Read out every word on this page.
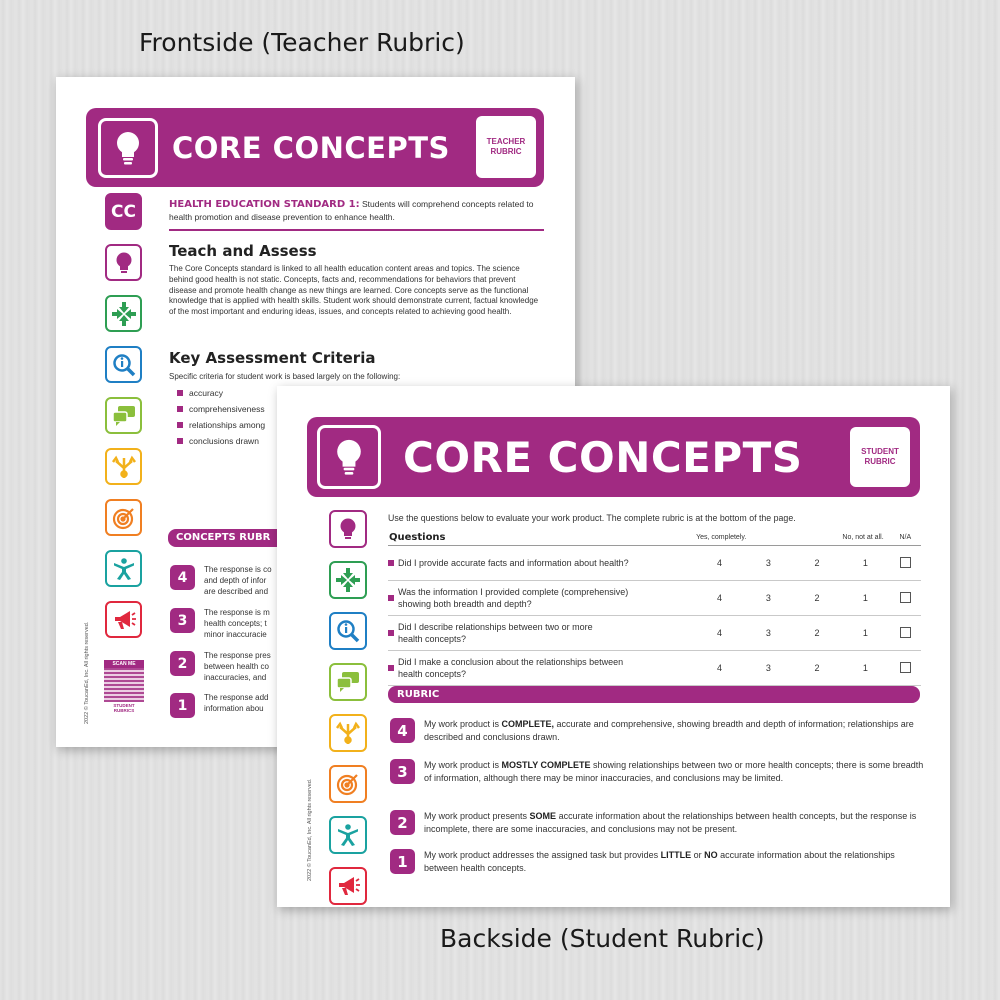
Frontside (Teacher Rubric)
Backside (Student Rubric)
CORE CONCEPTS	TEACHER RUBRIC
CC
SCAN ME
STUDENT RUBRICS
2022 © ToucanEd, Inc. All rights reserved.
HEALTH EDUCATION STANDARD 1: Students will comprehend concepts related to health promotion and disease prevention to enhance health.
Teach and Assess
The Core Concepts standard is linked to all health education content areas and topics. The science behind good health is not static. Concepts, facts and, recommendations for behaviors that prevent disease and promote health change as new things are learned. Core concepts serve as the functional knowledge that is applied with health skills. Student work should demonstrate current, factual knowledge of the most important and enduring ideas, issues, and concepts related to achieving good health.
Key Assessment Criteria
Specific criteria for student work is based largely on the following:
accuracy
comprehensiveness
relationships among
conclusions drawn
CONCEPTS RUBR
4	The response is co
and depth of infor
are described and
3	The response is m
health concepts; t
minor inaccuracie
2	The response pres
between health co
inaccuracies, and
1	The response add
information abou
CORE CONCEPTS	STUDENT RUBRIC
2022 © ToucanEd, Inc. All rights reserved.
Use the questions below to evaluate your work product. The complete rubric is at the bottom of the page.
Questions	Yes, completely.		No, not at all.		N/A

Did I provide accurate facts and information about health?	4	3	2	1	

Was the information I provided complete (comprehensive)
showing both breadth and depth?	4	3	2	1	

Did I describe relationships between two or more
health concepts?	4	3	2	1	

Did I make a conclusion about the relationships between
health concepts?	4	3	2	1	
RUBRIC
4	My work product is COMPLETE, accurate and comprehensive, showing breadth and depth of information; relationships are described and conclusions drawn.
3	My work product is MOSTLY COMPLETE showing relationships between two or more health concepts; there is some breadth of information, although there may be minor inaccuracies, and conclusions may be limited.
2	My work product presents SOME accurate information about the relationships between health concepts, but the response is incomplete, there are some inaccuracies, and conclusions may not be present.
1	My work product addresses the assigned task but provides LITTLE or NO accurate information about the relationships between health concepts.
